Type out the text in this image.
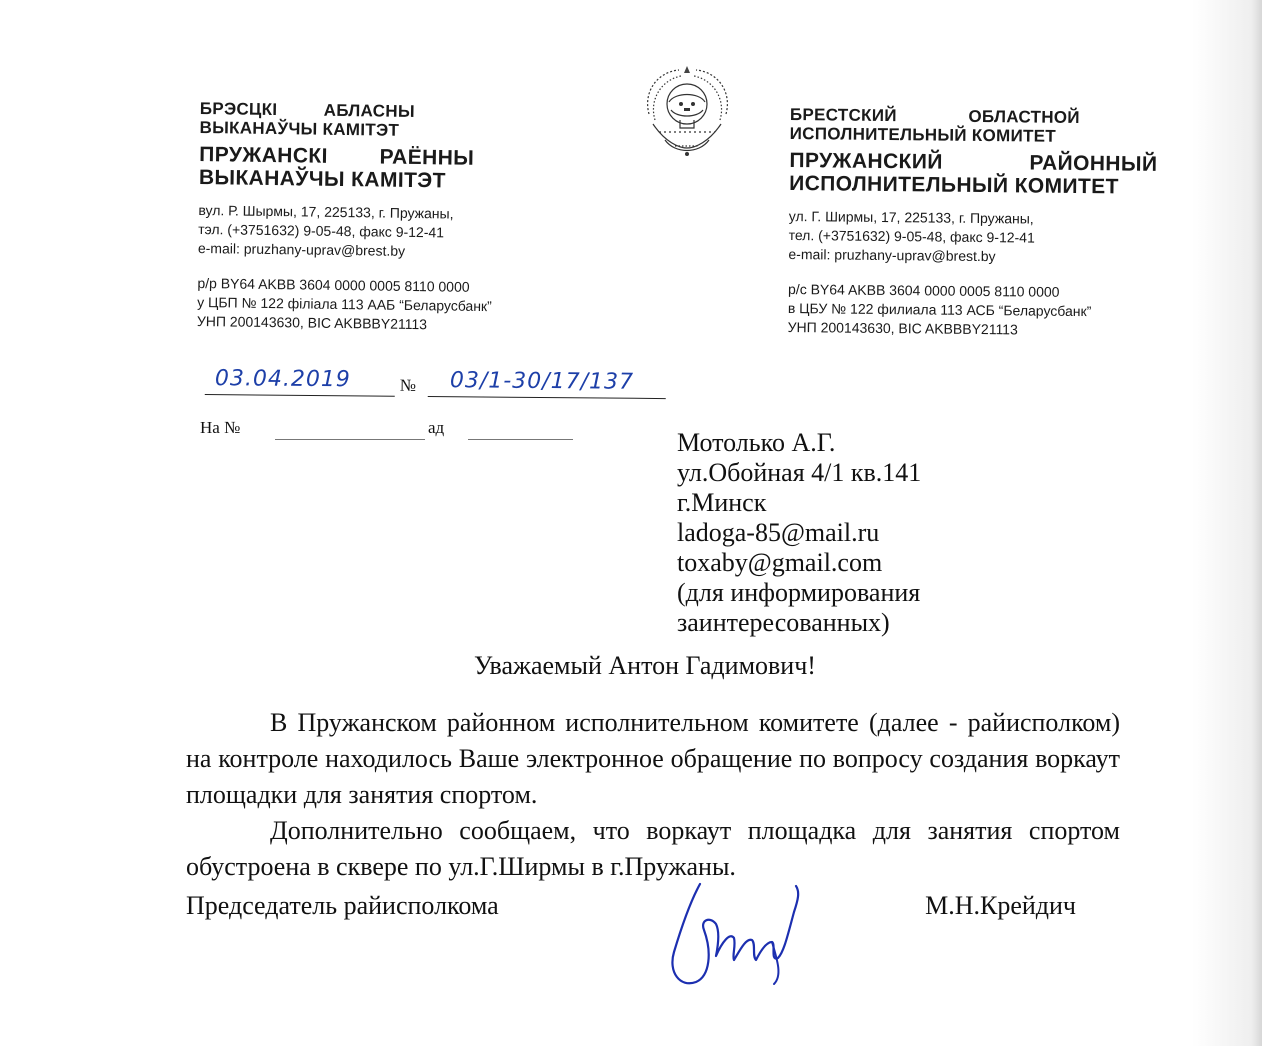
БРЭСЦКІ	АБЛАСНЫ
ВЫКАНАЎЧЫ КАМІТЭТ
ПРУЖАНСКІ РАЁННЫ
ВЫКАНАЎЧЫ КАМІТЭТ
вул. Р. Шырмы, 17, 225133, г. Пружаны,
тэл. (+3751632) 9-05-48, факс 9-12-41
e-mail: pruzhany-uprav@brest.by
р/р BY64 AKBB 3604 0000 0005 8110 0000
у ЦБП № 122 філіала 113 ААБ “Беларусбанк”
УНП 200143630, BIC AKBBBY21113
БРЕСТСКИЙ	ОБЛАСТНОЙ
ИСПОЛНИТЕЛЬНЫЙ КОМИТЕТ
ПРУЖАНСКИЙ	РАЙОННЫЙ
ИСПОЛНИТЕЛЬНЫЙ КОМИТЕТ
ул. Г. Ширмы, 17, 225133, г. Пружаны,
тел. (+3751632) 9-05-48, факс 9-12-41
e-mail: pruzhany-uprav@brest.by
р/с BY64 AKBB 3604 0000 0005 8110 0000
в ЦБУ № 122 филиала 113 АСБ “Беларусбанк”
УНП 200143630, BIC AKBBBY21113
03.04.2019	№ 03/1-30/17/137
На №	ад
Мотолько А.Г.
ул.Обойная 4/1 кв.141
г.Минск
ladoga-85@mail.ru
toxaby@gmail.com
(для информирования
заинтересованных)
Уважаемый Антон Гадимович!

В Пружанском районном исполнительном комитете (далее - райисполком) на контроле находилось Ваше электронное обращение по вопросу создания воркаут площадки для занятия спортом.

Дополнительно сообщаем, что воркаут площадка для занятия спортом обустроена в сквере по ул.Г.Ширмы в г.Пружаны.

Председатель райисполкома	М.Н.Крейдич
